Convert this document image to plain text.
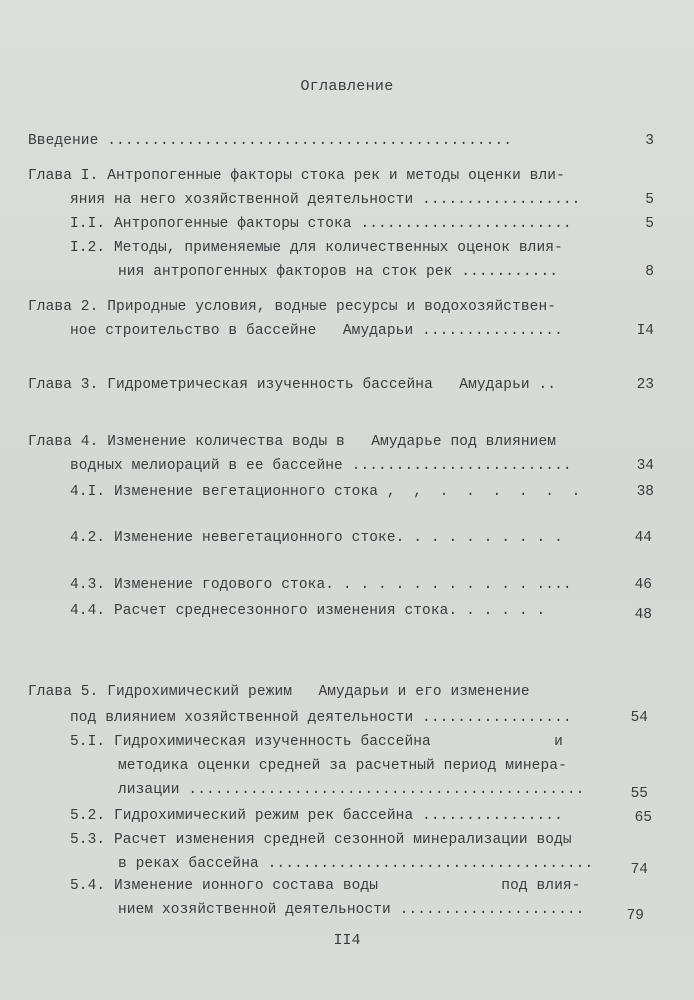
Оглавление
Введение ..............................................	3
Глава I. Антропогенные факторы стока рек и методы оценки вли-
яния на него хозяйственной деятельности ..................	5
I.I. Антропогенные факторы стока ........................	5
I.2. Методы, применяемые для количественных оценок влия-
ния антропогенных факторов на сток рек ...........	8
Глава 2. Природные условия, водные ресурсы и водохозяйствен-
ное строительство в бассейне   Амударьи ................	I4
Глава 3. Гидрометрическая изученность бассейна   Амударьи ..	23
Глава 4. Изменение количества воды в   Амударье под влиянием
водных мелиораций в ее бассейне .........................	34
4.I. Изменение вегетационного стока ,  ,  .  .  .  .  .  .	38
4.2. Изменение невегетационного стоке. . . . . . . . . .	44
4.3. Изменение годового стока. . . . . . . . . . . . ....	46
4.4. Расчет среднесезонного изменения стока. . . . . .	48
Глава 5. Гидрохимический режим   Амударьи и его изменение
под влиянием хозяйственной деятельности .................	54
5.I. Гидрохимическая изученность бассейна              и
методика оценки средней за расчетный период минера-
лизации .............................................	55
5.2. Гидрохимический режим рек бассейна ................	65
5.3. Расчет изменения средней сезонной минерализации воды
в реках бассейна .....................................	74
5.4. Изменение ионного состава воды              под влия-
нием хозяйственной деятельности .....................	79
II4
